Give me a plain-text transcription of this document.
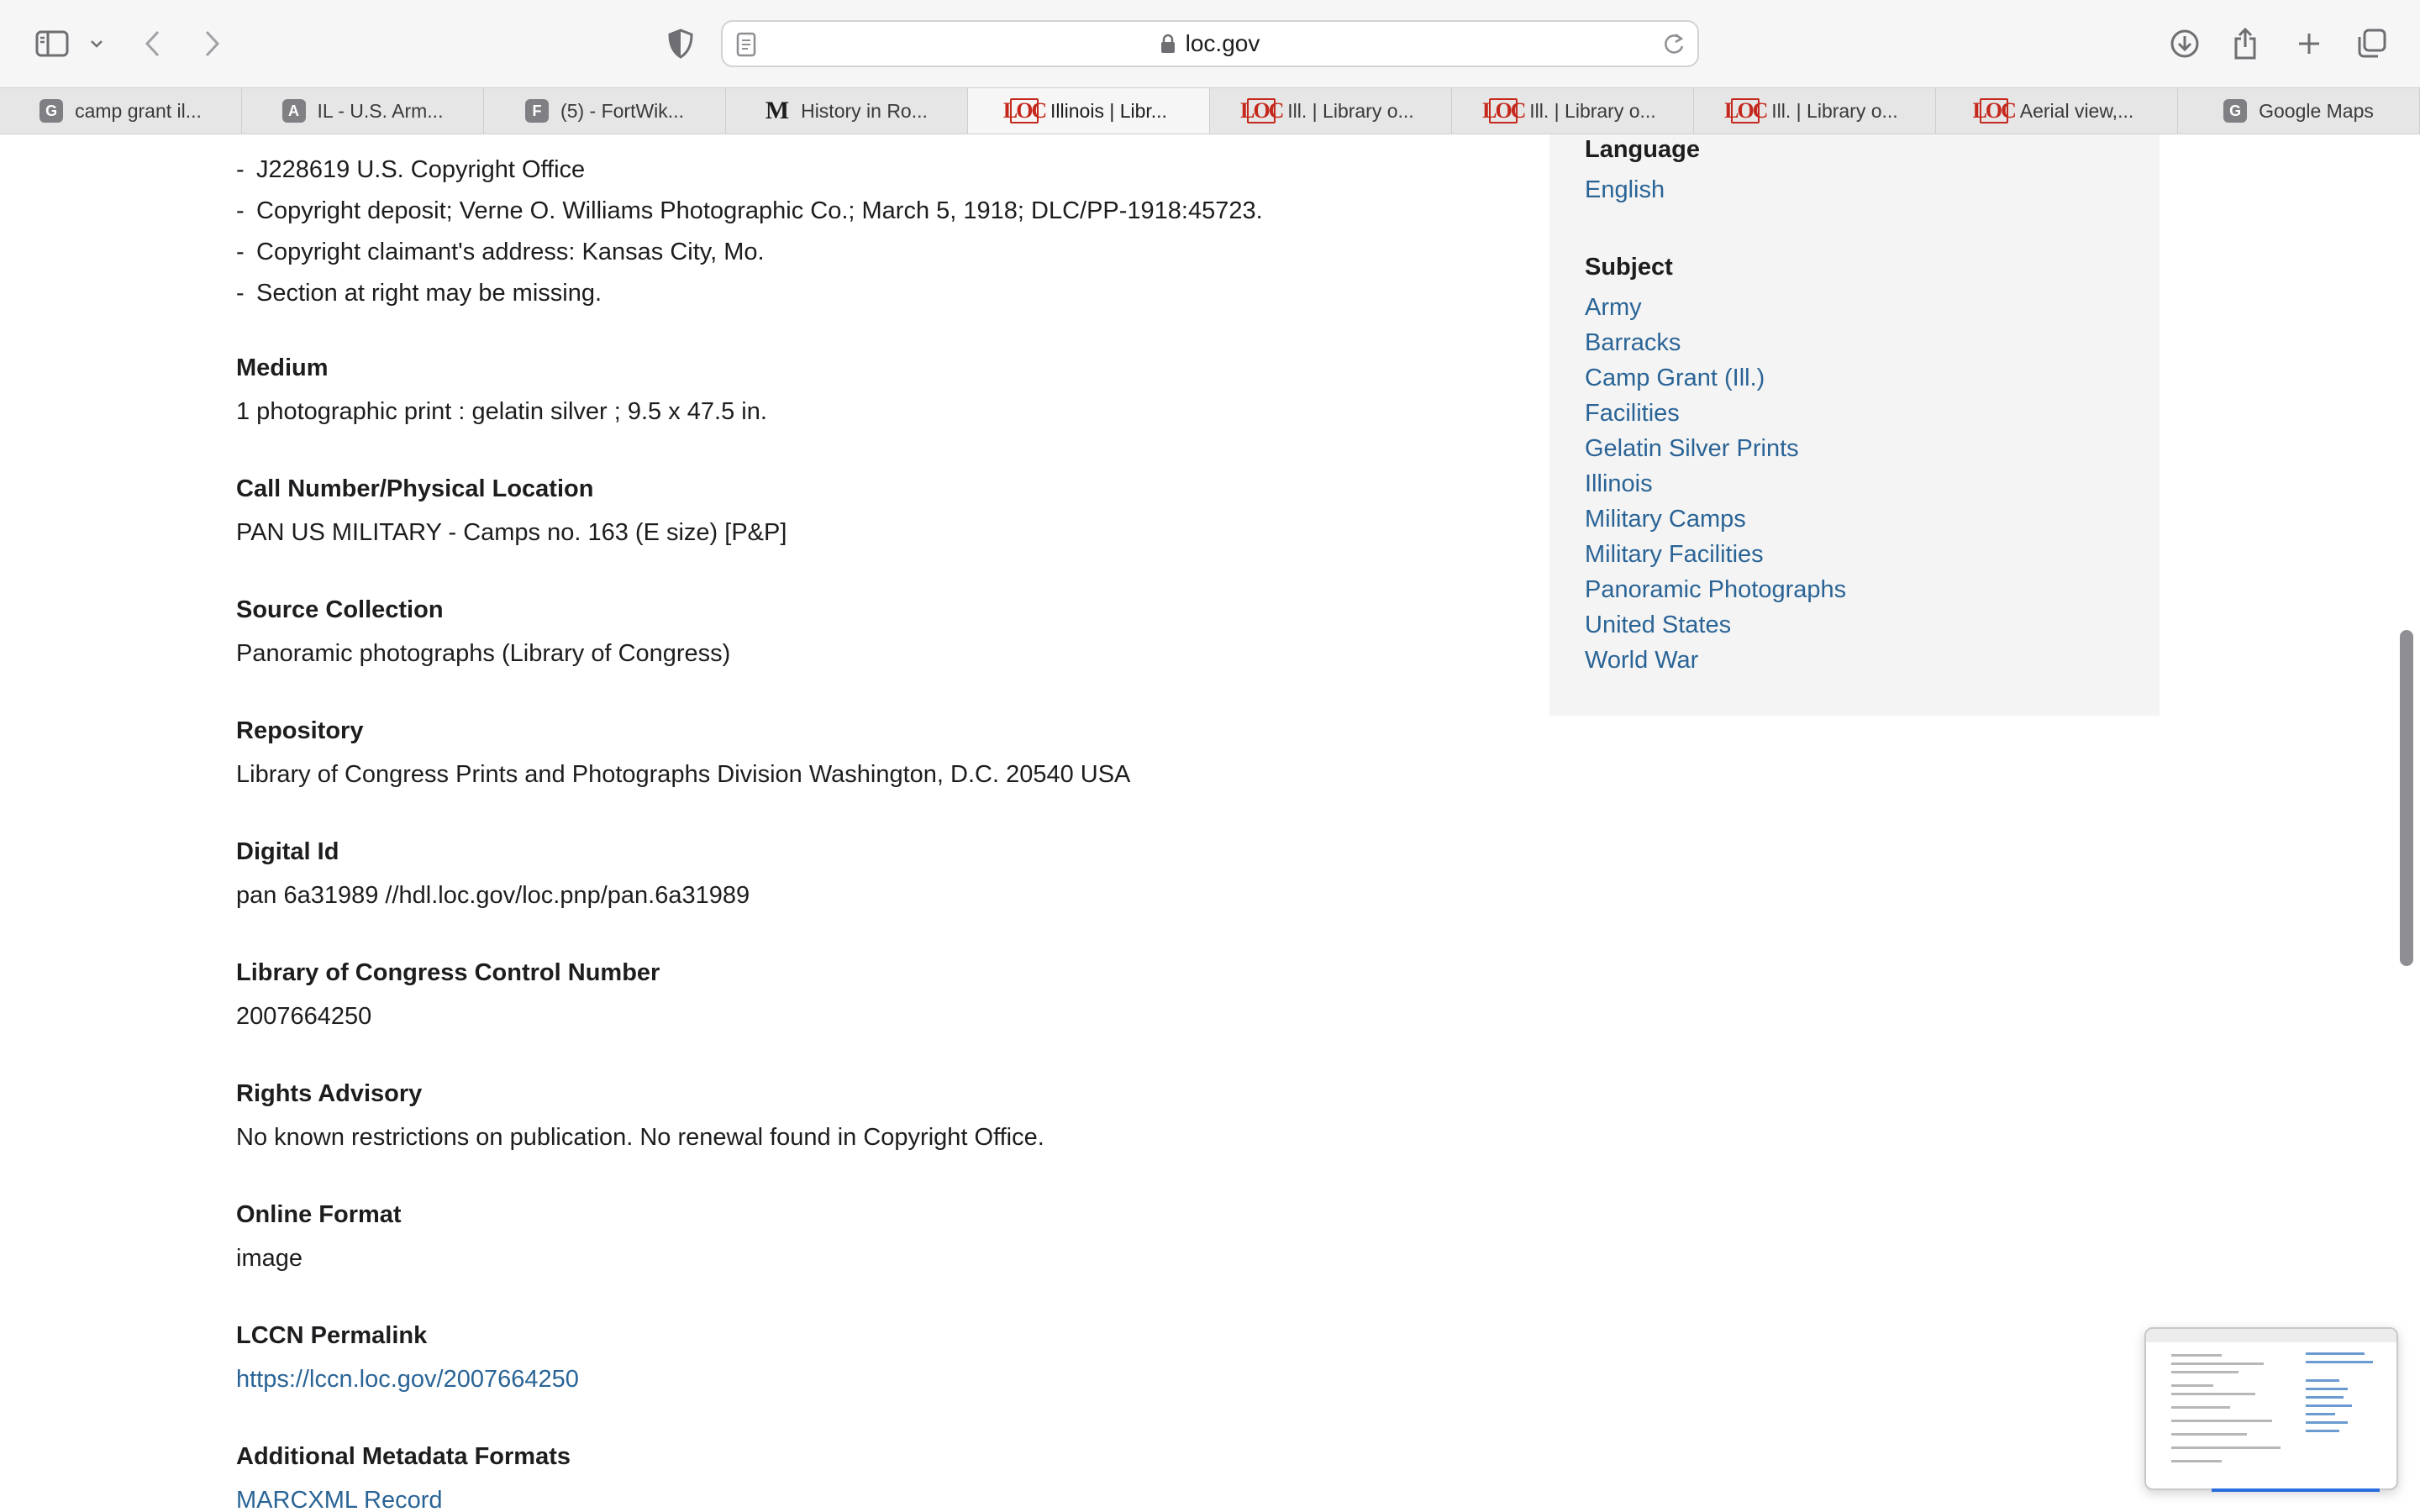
loc.gov
G camp grant il...	A IL - U.S. Arm...	F (5) - FortWik...	M History in Ro...	LOC Illinois | Libr...	LOC Ill. | Library o...	LOC Ill. | Library o...	LOC Ill. | Library o...	LOC Aerial view,...	G Google Maps
- J228619 U.S. Copyright Office
- Copyright deposit; Verne O. Williams Photographic Co.; March 5, 1918; DLC/PP-1918:45723.
- Copyright claimant's address: Kansas City, Mo.
- Section at right may be missing.
Medium
1 photographic print : gelatin silver ; 9.5 x 47.5 in.
Call Number/Physical Location
PAN US MILITARY - Camps no. 163 (E size) [P&P]
Source Collection
Panoramic photographs (Library of Congress)
Repository
Library of Congress Prints and Photographs Division Washington, D.C. 20540 USA
Digital Id
pan 6a31989 //hdl.loc.gov/loc.pnp/pan.6a31989
Library of Congress Control Number
2007664250
Rights Advisory
No known restrictions on publication. No renewal found in Copyright Office.
Online Format
image
LCCN Permalink
https://lccn.loc.gov/2007664250
Additional Metadata Formats
MARCXML Record
Language
English
Subject
Army
Barracks
Camp Grant (Ill.)
Facilities
Gelatin Silver Prints
Illinois
Military Camps
Military Facilities
Panoramic Photographs
United States
World War
